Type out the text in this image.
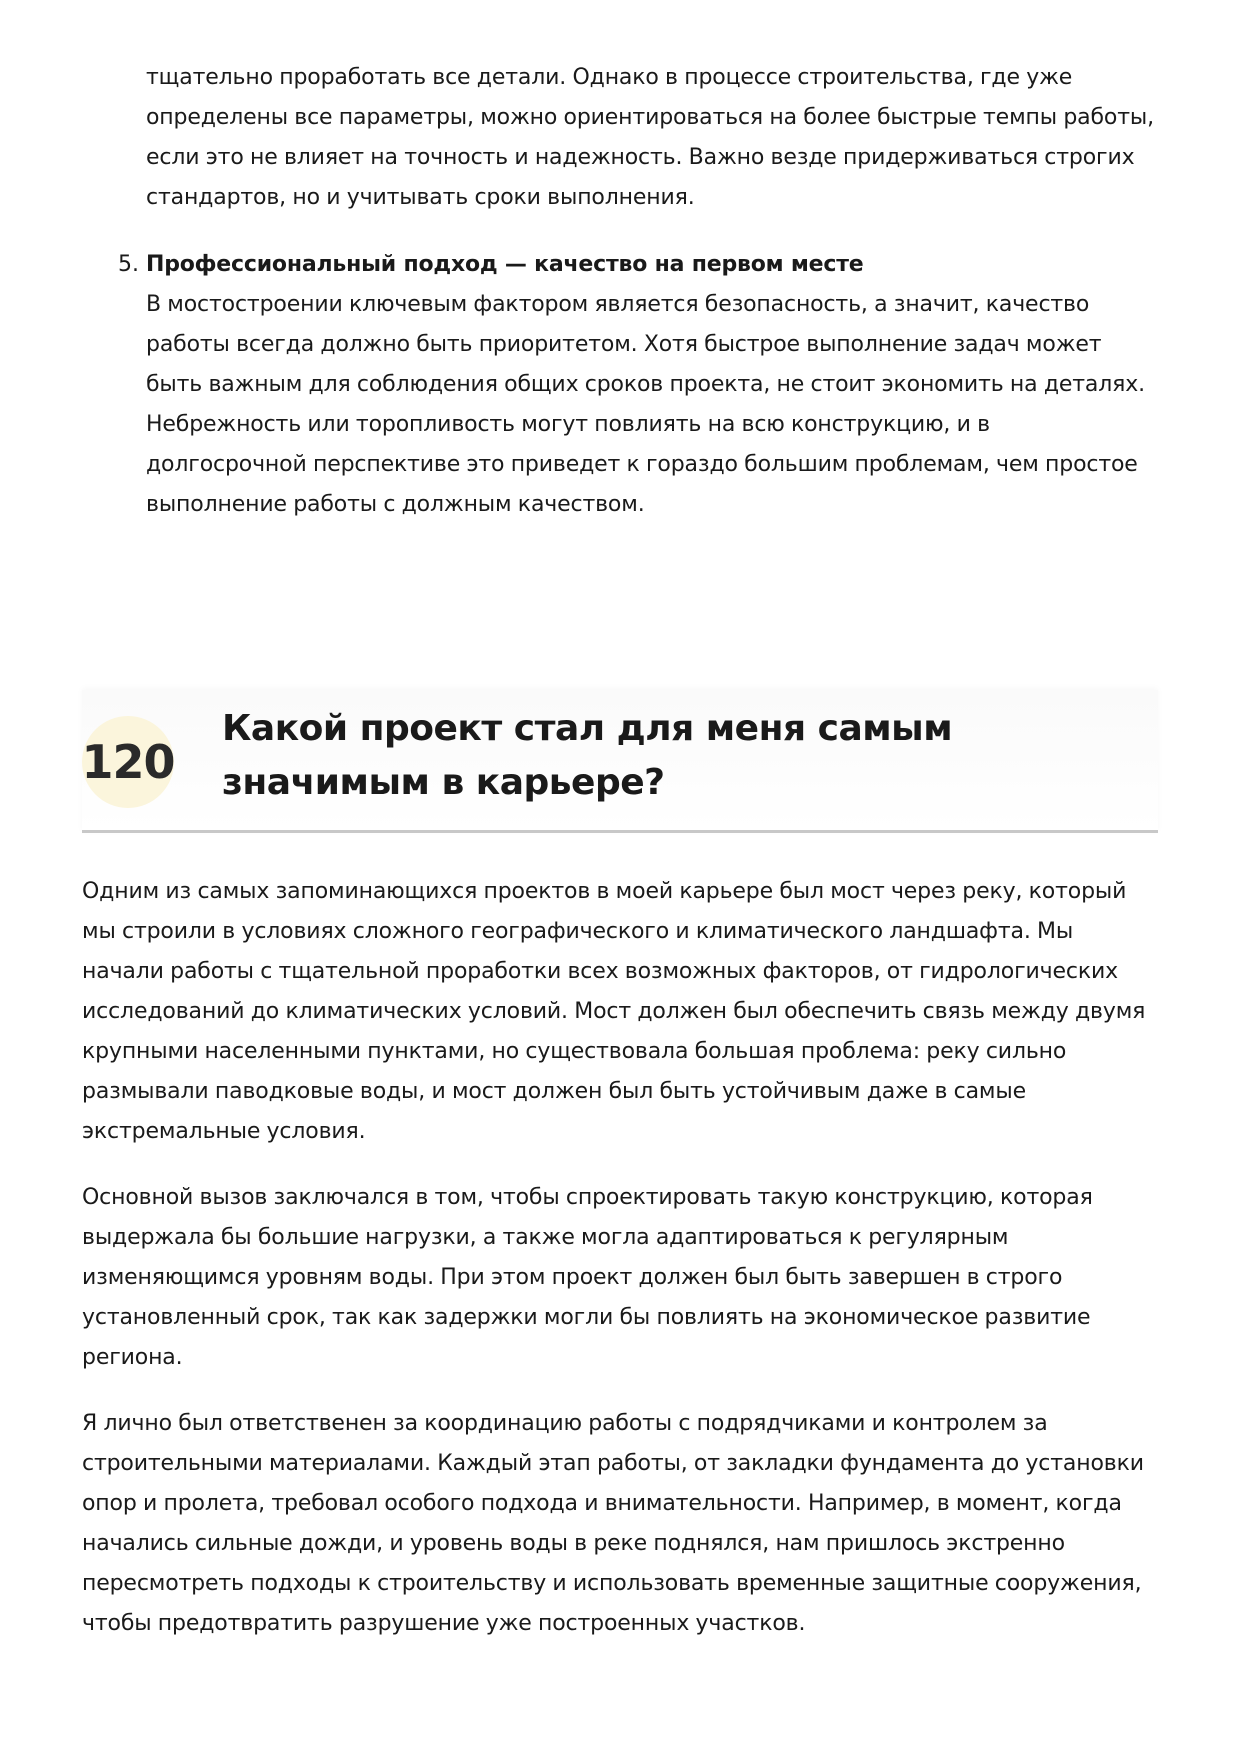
тщательно проработать все детали. Однако в процессе строительства, где уже определены все параметры, можно ориентироваться на более быстрые темпы работы, если это не влияет на точность и надежность. Важно везде придерживаться строгих стандартов, но и учитывать сроки выполнения.

5. Профессиональный подход — качество на первом месте

В мостостроении ключевым фактором является безопасность, а значит, качество работы всегда должно быть приоритетом. Хотя быстрое выполнение задач может быть важным для соблюдения общих сроков проекта, не стоит экономить на деталях. Небрежность или торопливость могут повлиять на всю конструкцию, и в долгосрочной перспективе это приведет к гораздо большим проблемам, чем простое выполнение работы с должным качеством.

120
Какой проект стал для меня самым значимым в карьере?

Одним из самых запоминающихся проектов в моей карьере был мост через реку, который мы строили в условиях сложного географического и климатического ландшафта. Мы начали работы с тщательной проработки всех возможных факторов, от гидрологических исследований до климатических условий. Мост должен был обеспечить связь между двумя крупными населенными пунктами, но существовала большая проблема: реку сильно размывали паводковые воды, и мост должен был быть устойчивым даже в самые экстремальные условия.

Основной вызов заключался в том, чтобы спроектировать такую конструкцию, которая выдержала бы большие нагрузки, а также могла адаптироваться к регулярным изменяющимся уровням воды. При этом проект должен был быть завершен в строго установленный срок, так как задержки могли бы повлиять на экономическое развитие региона.

Я лично был ответственен за координацию работы с подрядчиками и контролем за строительными материалами. Каждый этап работы, от закладки фундамента до установки опор и пролета, требовал особого подхода и внимательности. Например, в момент, когда начались сильные дожди, и уровень воды в реке поднялся, нам пришлось экстренно пересмотреть подходы к строительству и использовать временные защитные сооружения, чтобы предотвратить разрушение уже построенных участков.
